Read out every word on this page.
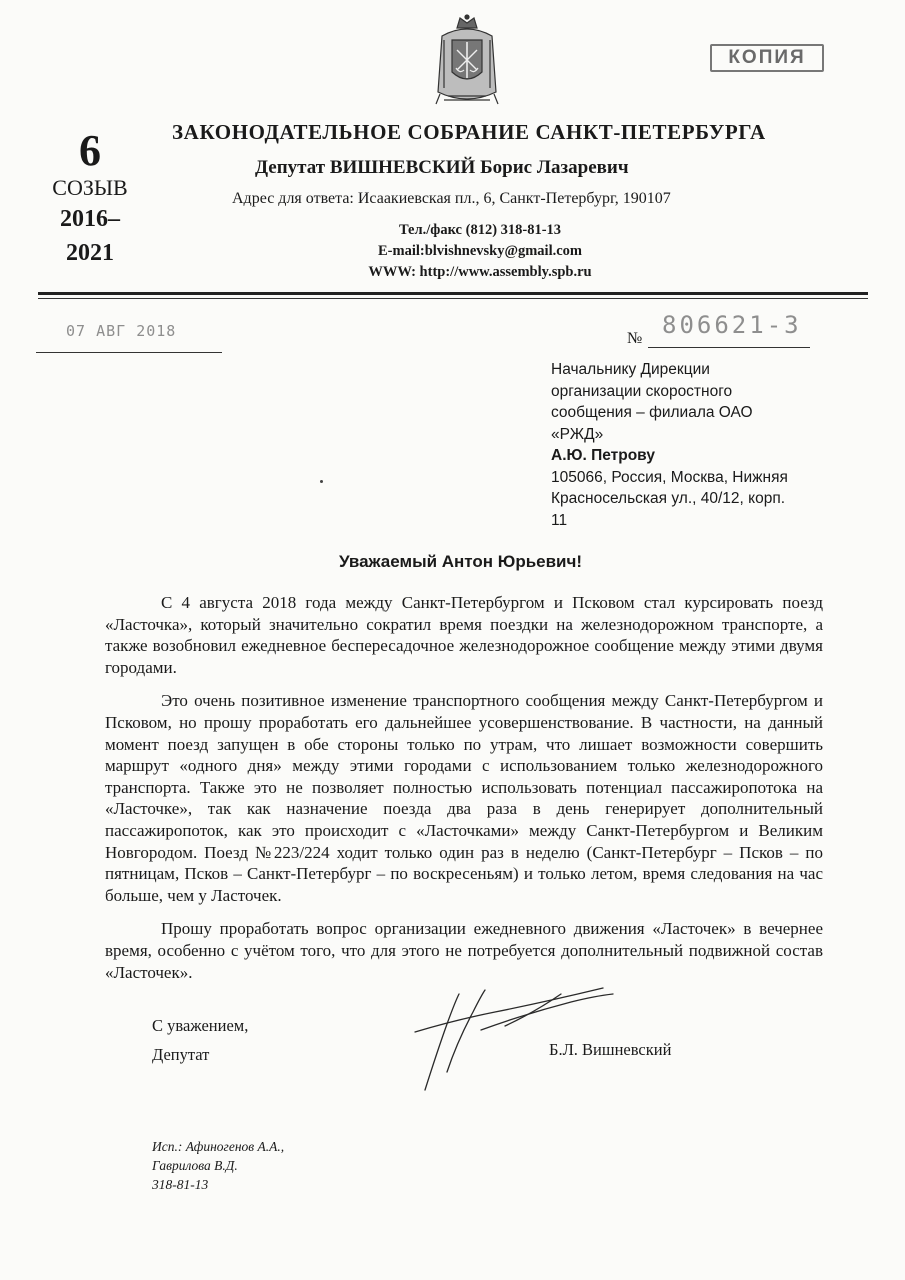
КОПИЯ
6
СОЗЫВ
2016–
2021
ЗАКОНОДАТЕЛЬНОЕ СОБРАНИЕ САНКТ-ПЕТЕРБУРГА
Депутат ВИШНЕВСКИЙ Борис Лазаревич
Адрес для ответа: Исаакиевская пл., 6, Санкт-Петербург, 190107
Тел./факс (812) 318-81-13
E-mail:blvishnevsky@gmail.com
WWW: http://www.assembly.spb.ru
07 АВГ 2018	№ 806621-3
Начальнику Дирекции
организации скоростного
сообщения – филиала ОАО
«РЖД»
А.Ю. Петрову
105066, Россия, Москва, Нижняя
Красносельская ул., 40/12, корп.
11
Уважаемый Антон Юрьевич!

С 4 августа 2018 года между Санкт-Петербургом и Псковом стал курсировать поезд «Ласточка», который значительно сократил время поездки на железнодорожном транспорте, а также возобновил ежедневное беспересадочное железнодорожное сообщение между этими двумя городами.

Это очень позитивное изменение транспортного сообщения между Санкт-Петербургом и Псковом, но прошу проработать его дальнейшее усовершенствование. В частности, на данный момент поезд запущен в обе стороны только по утрам, что лишает возможности совершить маршрут «одного дня» между этими городами с использованием только железнодорожного транспорта. Также это не позволяет полностью использовать потенциал пассажиропотока на «Ласточке», так как назначение поезда два раза в день генерирует дополнительный пассажиропоток, как это происходит с «Ласточками» между Санкт-Петербургом и Великим Новгородом. Поезд №223/224 ходит только один раз в неделю (Санкт-Петербург – Псков – по пятницам, Псков – Санкт-Петербург – по воскресеньям) и только летом, время следования на час больше, чем у Ласточек.

Прошу проработать вопрос организации ежедневного движения «Ласточек» в вечернее время, особенно с учётом того, что для этого не потребуется дополнительный подвижной состав «Ласточек».

С уважением,
Депутат	Б.Л. Вишневский
Исп.: Афиногенов А.А.,
Гаврилова В.Д.
318-81-13
